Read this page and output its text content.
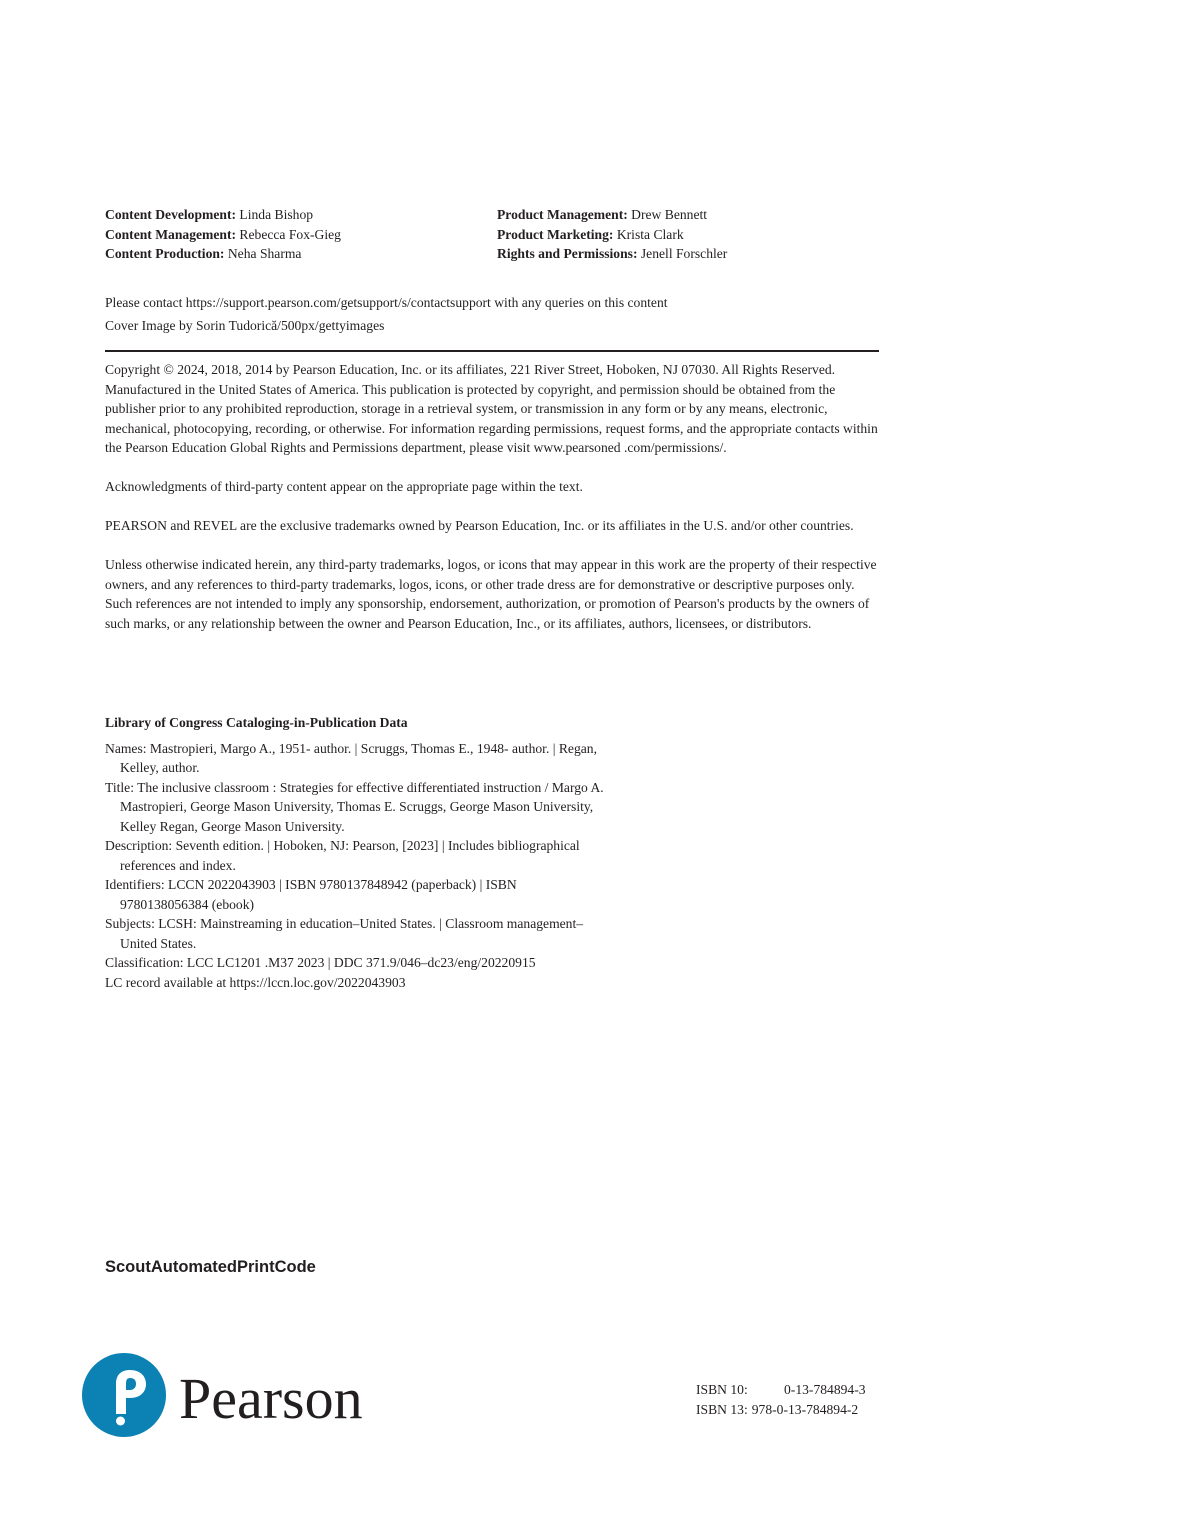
Content Development: Linda Bishop
Content Management: Rebecca Fox-Gieg
Content Production: Neha Sharma
Product Management: Drew Bennett
Product Marketing: Krista Clark
Rights and Permissions: Jenell Forschler
Please contact https://support.pearson.com/getsupport/s/contactsupport with any queries on this content
Cover Image by Sorin Tudorică/500px/gettyimages

Copyright © 2024, 2018, 2014 by Pearson Education, Inc. or its affiliates, 221 River Street, Hoboken, NJ 07030. All Rights Reserved. Manufactured in the United States of America. This publication is protected by copyright, and permission should be obtained from the publisher prior to any prohibited reproduction, storage in a retrieval system, or transmission in any form or by any means, electronic, mechanical, photocopying, recording, or otherwise. For information regarding permissions, request forms, and the appropriate contacts within the Pearson Education Global Rights and Permissions department, please visit www.pearsoned .com/permissions/.

Acknowledgments of third-party content appear on the appropriate page within the text.

PEARSON and REVEL are the exclusive trademarks owned by Pearson Education, Inc. or its affiliates in the U.S. and/or other countries.

Unless otherwise indicated herein, any third-party trademarks, logos, or icons that may appear in this work are the property of their respective owners, and any references to third-party trademarks, logos, icons, or other trade dress are for demonstrative or descriptive purposes only. Such references are not intended to imply any sponsorship, endorsement, authorization, or promotion of Pearson's products by the owners of such marks, or any relationship between the owner and Pearson Education, Inc., or its affiliates, authors, licensees, or distributors.

Library of Congress Cataloging-in-Publication Data
Names: Mastropieri, Margo A., 1951- author. | Scruggs, Thomas E., 1948- author. | Regan, Kelley, author.
Title: The inclusive classroom : Strategies for effective differentiated instruction / Margo A. Mastropieri, George Mason University, Thomas E. Scruggs, George Mason University, Kelley Regan, George Mason University.
Description: Seventh edition. | Hoboken, NJ: Pearson, [2023] | Includes bibliographical references and index.
Identifiers: LCCN 2022043903 | ISBN 9780137848942 (paperback) | ISBN 9780138056384 (ebook)
Subjects: LCSH: Mainstreaming in education–United States. | Classroom management–United States.
Classification: LCC LC1201 .M37 2023 | DDC 371.9/046–dc23/eng/20220915
LC record available at https://lccn.loc.gov/2022043903
ScoutAutomatedPrintCode
Pearson	ISBN 10:	0-13-784894-3
ISBN 13: 978-0-13-784894-2
